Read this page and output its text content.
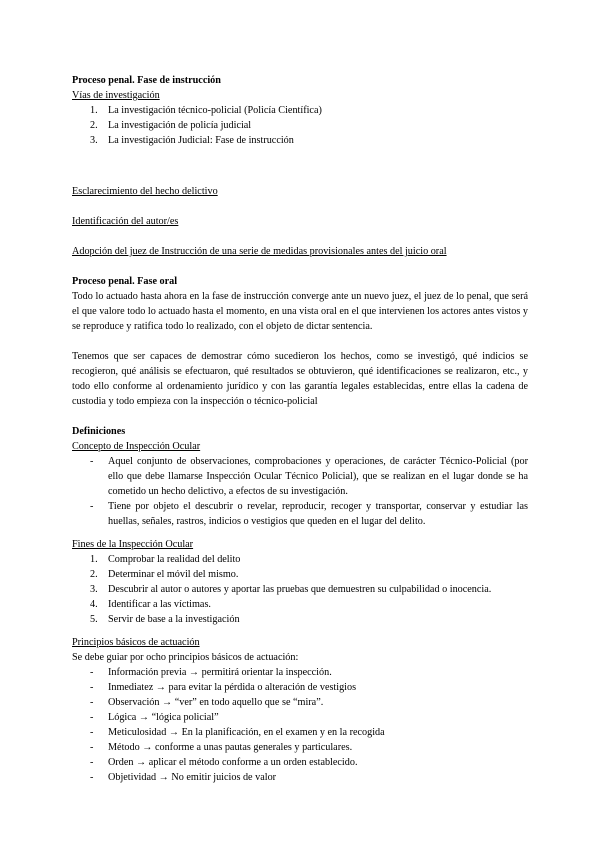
Proceso penal. Fase de instrucción

Vías de investigación

1.	La investigación técnico-policial (Policía Científica)
2.	La investigación de policía judicial
3.	La investigación Judicial: Fase de instrucción

Esclarecimiento del hecho delictivo

Identificación del autor/es

Adopción del juez de Instrucción de una serie de medidas provisionales antes del juicio oral

Proceso penal. Fase oral

Todo lo actuado hasta ahora en la fase de instrucción converge ante un nuevo juez, el juez de lo penal, que será el que valore todo lo actuado hasta el momento, en una vista oral en el que intervienen los actores antes vistos y se reproduce y ratifica todo lo realizado, con el objeto de dictar sentencia.

Tenemos que ser capaces de demostrar cómo sucedieron los hechos, como se investigó, qué indicios se recogieron, qué análisis se efectuaron, qué resultados se obtuvieron, qué identificaciones se realizaron, etc., y todo ello conforme al ordenamiento jurídico y con las garantía legales establecidas, entre ellas la cadena de custodia y todo empieza con la inspección o técnico-policial

Definiciones

Concepto de Inspección Ocular

- Aquel conjunto de observaciones, comprobaciones y operaciones, de carácter Técnico-Policial (por ello que debe llamarse Inspección Ocular Técnico Policial), que se realizan en el lugar donde se ha cometido un hecho delictivo, a efectos de su investigación.
- Tiene por objeto el descubrir o revelar, reproducir, recoger y transportar, conservar y estudiar las huellas, señales, rastros, indicios o vestigios que queden en el lugar del delito.

Fines de la Inspección Ocular

1.	Comprobar la realidad del delito
2.	Determinar el móvil del mismo.
3.	Descubrir al autor o autores y aportar las pruebas que demuestren su culpabilidad o inocencia.
4.	Identificar a las víctimas.
5.	Servir de base a la investigación

Principios básicos de actuación

Se debe guiar por ocho principios básicos de actuación:

- Información previa → permitirá orientar la inspección.
- Inmediatez → para evitar la pérdida o alteración de vestigios
- Observación → “ver” en todo aquello que se “mira”.
- Lógica → “lógica policial”
- Meticulosidad → En la planificación, en el examen y en la recogida
- Método → conforme a unas pautas generales y particulares.
- Orden → aplicar el método conforme a un orden establecido.
- Objetividad → No emitir juicios de valor
